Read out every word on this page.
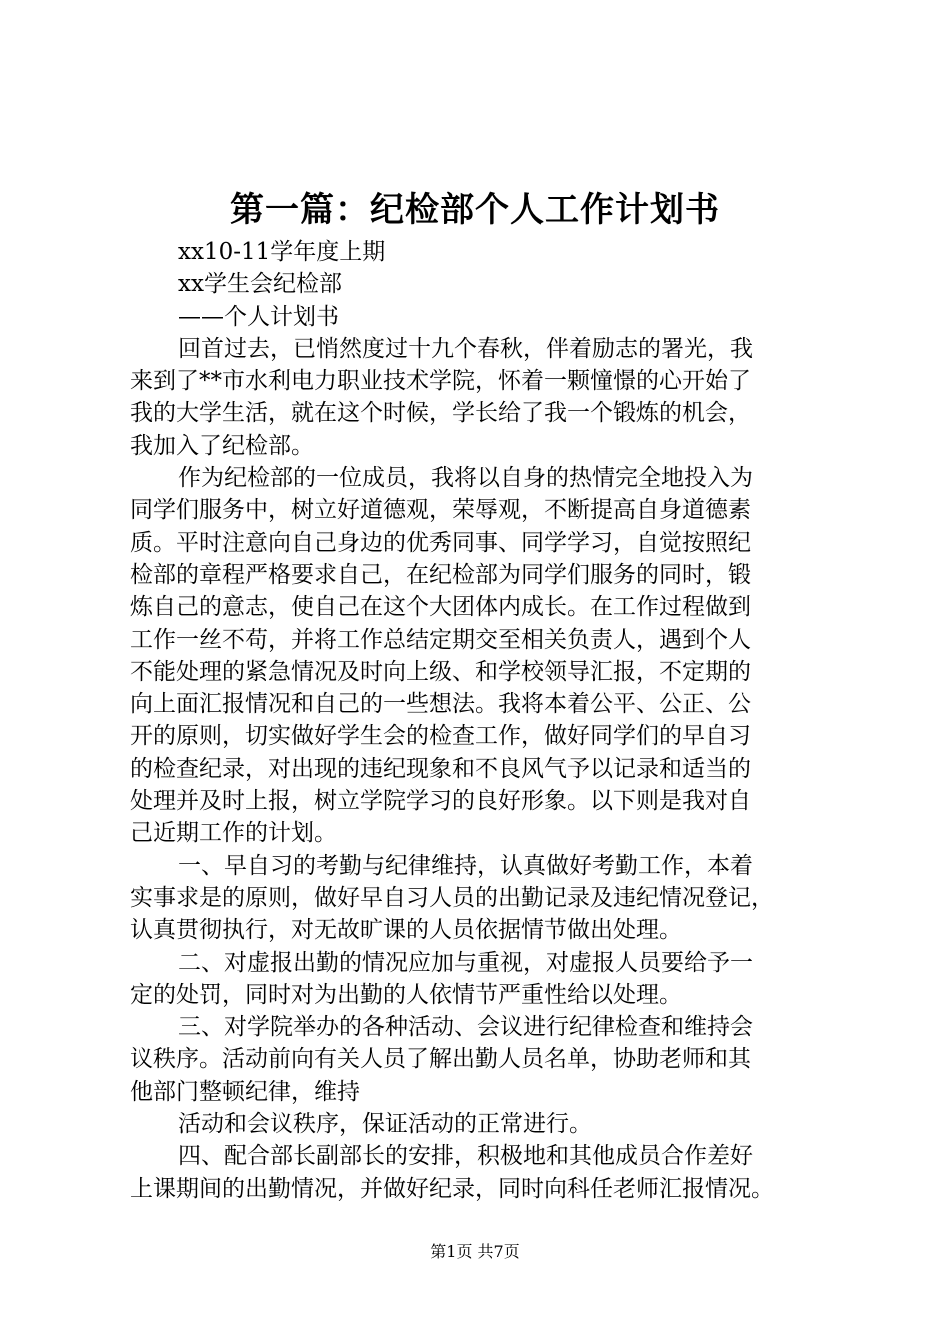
第一篇：纪检部个人工作计划书
xx10-11学年度上期
xx学生会纪检部
——个人计划书
回首过去，已悄然度过十九个春秋，伴着励志的署光，我
来到了**市水利电力职业技术学院，怀着一颗憧憬的心开始了
我的大学生活，就在这个时候，学长给了我一个锻炼的机会，
我加入了纪检部。
作为纪检部的一位成员，我将以自身的热情完全地投入为
同学们服务中，树立好道德观，荣辱观，不断提高自身道德素
质。平时注意向自己身边的优秀同事、同学学习，自觉按照纪
检部的章程严格要求自己，在纪检部为同学们服务的同时，锻
炼自己的意志，使自己在这个大团体内成长。在工作过程做到
工作一丝不苟，并将工作总结定期交至相关负责人，遇到个人
不能处理的紧急情况及时向上级、和学校领导汇报，不定期的
向上面汇报情况和自己的一些想法。我将本着公平、公正、公
开的原则，切实做好学生会的检查工作，做好同学们的早自习
的检查纪录，对出现的违纪现象和不良风气予以记录和适当的
处理并及时上报，树立学院学习的良好形象。以下则是我对自
己近期工作的计划。
一、早自习的考勤与纪律维持，认真做好考勤工作，本着
实事求是的原则，做好早自习人员的出勤记录及违纪情况登记，
认真贯彻执行，对无故旷课的人员依据情节做出处理。
二、对虚报出勤的情况应加与重视，对虚报人员要给予一
定的处罚，同时对为出勤的人依情节严重性给以处理。
三、对学院举办的各种活动、会议进行纪律检查和维持会
议秩序。活动前向有关人员了解出勤人员名单，协助老师和其
他部门整顿纪律，维持
活动和会议秩序，保证活动的正常进行。
四、配合部长副部长的安排，积极地和其他成员合作差好
上课期间的出勤情况，并做好纪录，同时向科任老师汇报情况。
第1页 共7页
